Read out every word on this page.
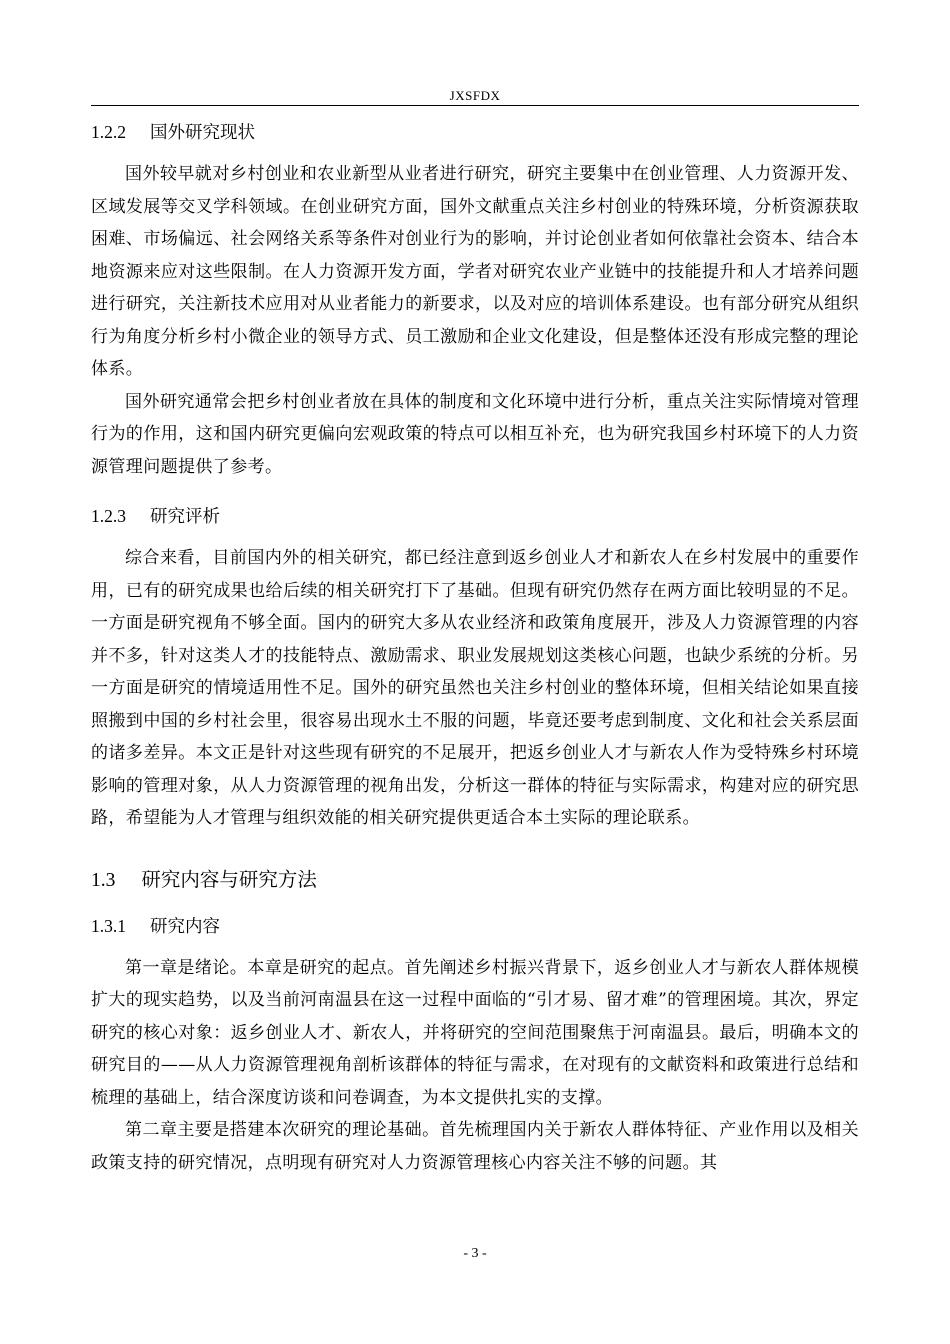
JXSFDX
1.2.2 国外研究现状

国外较早就对乡村创业和农业新型从业者进行研究，研究主要集中在创业管理、人力资源开发、区域发展等交叉学科领域。在创业研究方面，国外文献重点关注乡村创业的特殊环境，分析资源获取困难、市场偏远、社会网络关系等条件对创业行为的影响，并讨论创业者如何依靠社会资本、结合本地资源来应对这些限制。在人力资源开发方面，学者对研究农业产业链中的技能提升和人才培养问题进行研究，关注新技术应用对从业者能力的新要求，以及对应的培训体系建设。也有部分研究从组织行为角度分析乡村小微企业的领导方式、员工激励和企业文化建设，但是整体还没有形成完整的理论体系。

国外研究通常会把乡村创业者放在具体的制度和文化环境中进行分析，重点关注实际情境对管理行为的作用，这和国内研究更偏向宏观政策的特点可以相互补充，也为研究我国乡村环境下的人力资源管理问题提供了参考。

1.2.3 研究评析

综合来看，目前国内外的相关研究，都已经注意到返乡创业人才和新农人在乡村发展中的重要作用，已有的研究成果也给后续的相关研究打下了基础。但现有研究仍然存在两方面比较明显的不足。一方面是研究视角不够全面。国内的研究大多从农业经济和政策角度展开，涉及人力资源管理的内容并不多，针对这类人才的技能特点、激励需求、职业发展规划这类核心问题，也缺少系统的分析。另一方面是研究的情境适用性不足。国外的研究虽然也关注乡村创业的整体环境，但相关结论如果直接照搬到中国的乡村社会里，很容易出现水土不服的问题，毕竟还要考虑到制度、文化和社会关系层面的诸多差异。本文正是针对这些现有研究的不足展开，把返乡创业人才与新农人作为受特殊乡村环境影响的管理对象，从人力资源管理的视角出发，分析这一群体的特征与实际需求，构建对应的研究思路，希望能为人才管理与组织效能的相关研究提供更适合本土实际的理论联系。

1.3 研究内容与研究方法
1.3.1 研究内容

第一章是绪论。本章是研究的起点。首先阐述乡村振兴背景下，返乡创业人才与新农人群体规模扩大的现实趋势，以及当前河南温县在这一过程中面临的“引才易、留才难”的管理困境。其次，界定研究的核心对象：返乡创业人才、新农人，并将研究的空间范围聚焦于河南温县。最后，明确本文的研究目的——从人力资源管理视角剖析该群体的特征与需求，在对现有的文献资料和政策进行总结和梳理的基础上，结合深度访谈和问卷调查，为本文提供扎实的支撑。

第二章主要是搭建本次研究的理论基础。首先梳理国内关于新农人群体特征、产业作用以及相关政策支持的研究情况，点明现有研究对人力资源管理核心内容关注不够的问题。其

- 3 -
